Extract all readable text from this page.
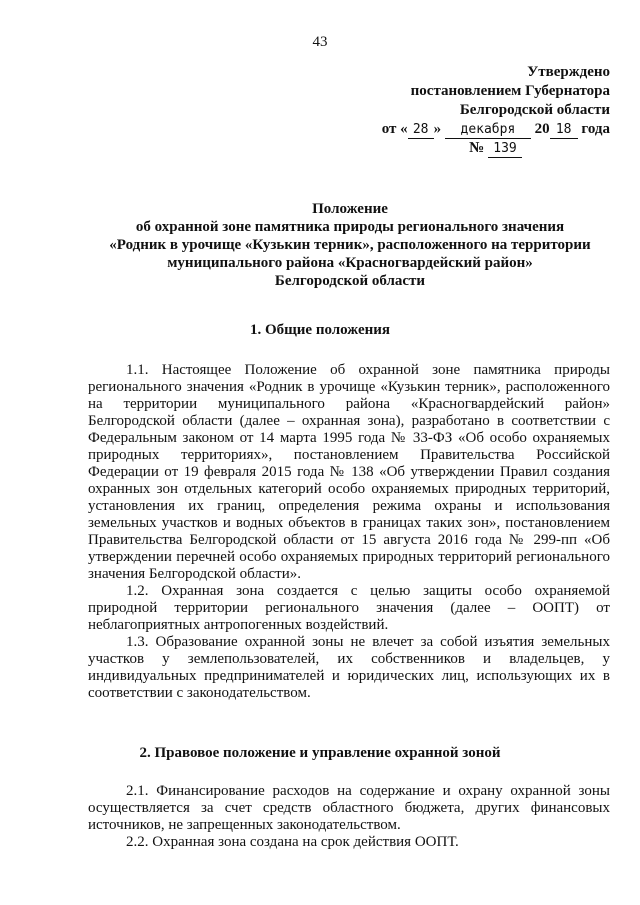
43
Утверждено
постановлением Губернатора
Белгородской области
от « 28 » декабря 20 18 года
№ 139
Положение
об охранной зоне памятника природы регионального значения
«Родник в урочище «Кузькин терник», расположенного на территории
муниципального района «Красногвардейский район»
Белгородской области
1. Общие положения

1.1. Настоящее Положение об охранной зоне памятника природы регионального значения «Родник в урочище «Кузькин терник», расположенного на территории муниципального района «Красногвардейский район» Белгородской области (далее – охранная зона), разработано в соответствии с Федеральным законом от 14 марта 1995 года № 33-ФЗ «Об особо охраняемых природных территориях», постановлением Правительства Российской Федерации от 19 февраля 2015 года № 138 «Об утверждении Правил создания охранных зон отдельных категорий особо охраняемых природных территорий, установления их границ, определения режима охраны и использования земельных участков и водных объектов в границах таких зон», постановлением Правительства Белгородской области от 15 августа 2016 года № 299-пп «Об утверждении перечней особо охраняемых природных территорий регионального значения Белгородской области».

1.2. Охранная зона создается с целью защиты особо охраняемой природной территории регионального значения (далее – ООПТ) от неблагоприятных антропогенных воздействий.

1.3. Образование охранной зоны не влечет за собой изъятия земельных участков у землепользователей, их собственников и владельцев, у индивидуальных предпринимателей и юридических лиц, использующих их в соответствии с законодательством.

2. Правовое положение и управление охранной зоной

2.1. Финансирование расходов на содержание и охрану охранной зоны осуществляется за счет средств областного бюджета, других финансовых источников, не запрещенных законодательством.

2.2. Охранная зона создана на срок действия ООПТ.
